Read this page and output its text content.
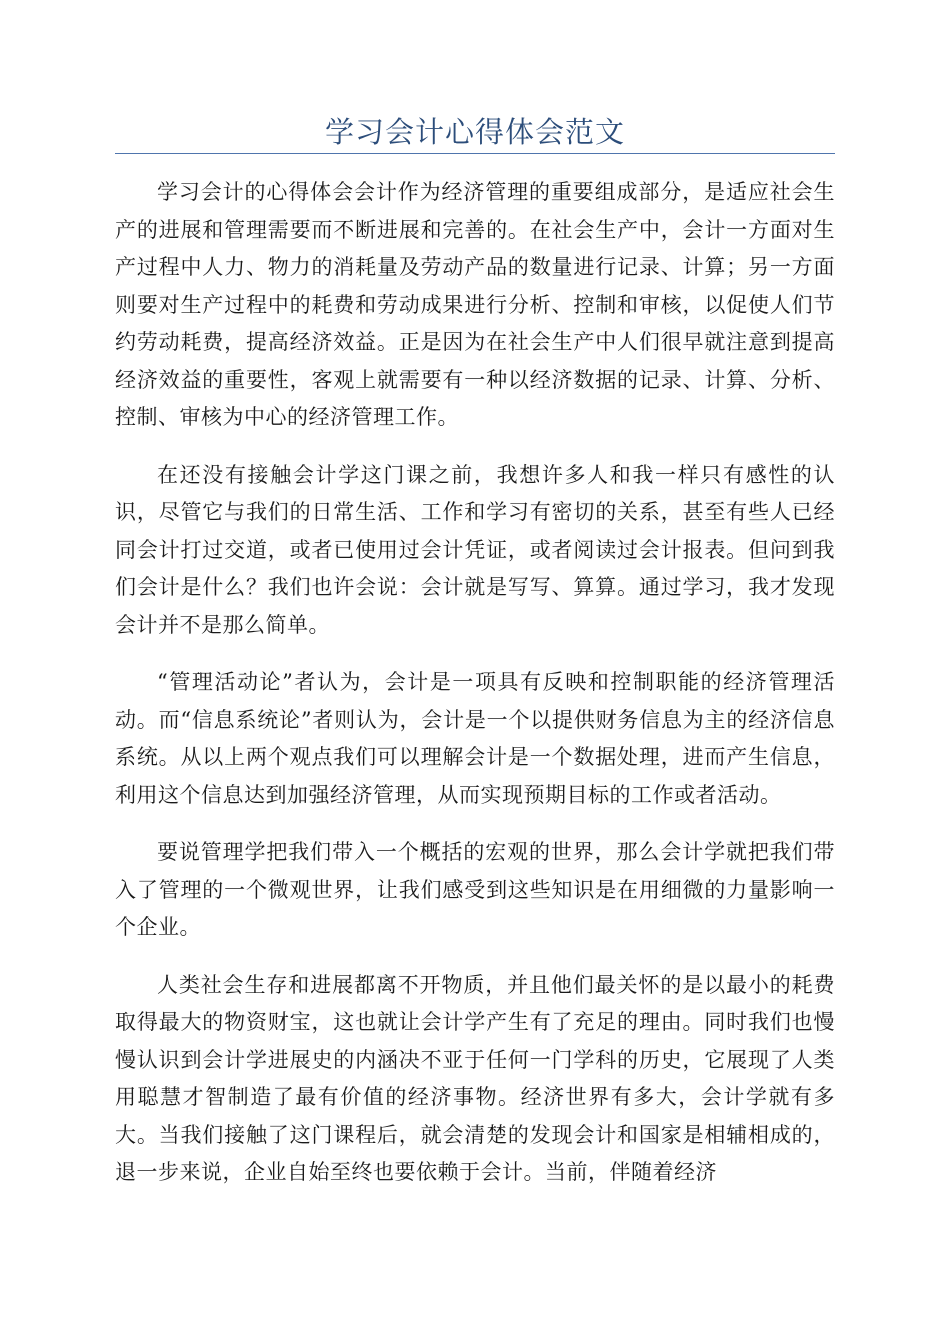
学习会计心得体会范文

学习会计的心得体会会计作为经济管理的重要组成部分，是适应社会生产的进展和管理需要而不断进展和完善的。在社会生产中，会计一方面对生产过程中人力、物力的消耗量及劳动产品的数量进行记录、计算；另一方面则要对生产过程中的耗费和劳动成果进行分析、控制和审核，以促使人们节约劳动耗费，提高经济效益。正是因为在社会生产中人们很早就注意到提高经济效益的重要性，客观上就需要有一种以经济数据的记录、计算、分析、控制、审核为中心的经济管理工作。

在还没有接触会计学这门课之前，我想许多人和我一样只有感性的认识，尽管它与我们的日常生活、工作和学习有密切的关系，甚至有些人已经同会计打过交道，或者已使用过会计凭证，或者阅读过会计报表。但问到我们会计是什么？我们也许会说：会计就是写写、算算。通过学习，我才发现会计并不是那么简单。

“管理活动论”者认为，会计是一项具有反映和控制职能的经济管理活动。而“信息系统论”者则认为，会计是一个以提供财务信息为主的经济信息系统。从以上两个观点我们可以理解会计是一个数据处理，进而产生信息，利用这个信息达到加强经济管理，从而实现预期目标的工作或者活动。

要说管理学把我们带入一个概括的宏观的世界，那么会计学就把我们带入了管理的一个微观世界，让我们感受到这些知识是在用细微的力量影响一个企业。

人类社会生存和进展都离不开物质，并且他们最关怀的是以最小的耗费取得最大的物资财宝，这也就让会计学产生有了充足的理由。同时我们也慢慢认识到会计学进展史的内涵决不亚于任何一门学科的历史，它展现了人类用聪慧才智制造了最有价值的经济事物。经济世界有多大，会计学就有多大。当我们接触了这门课程后，就会清楚的发现会计和国家是相辅相成的，退一步来说，企业自始至终也要依赖于会计。当前，伴随着经济
